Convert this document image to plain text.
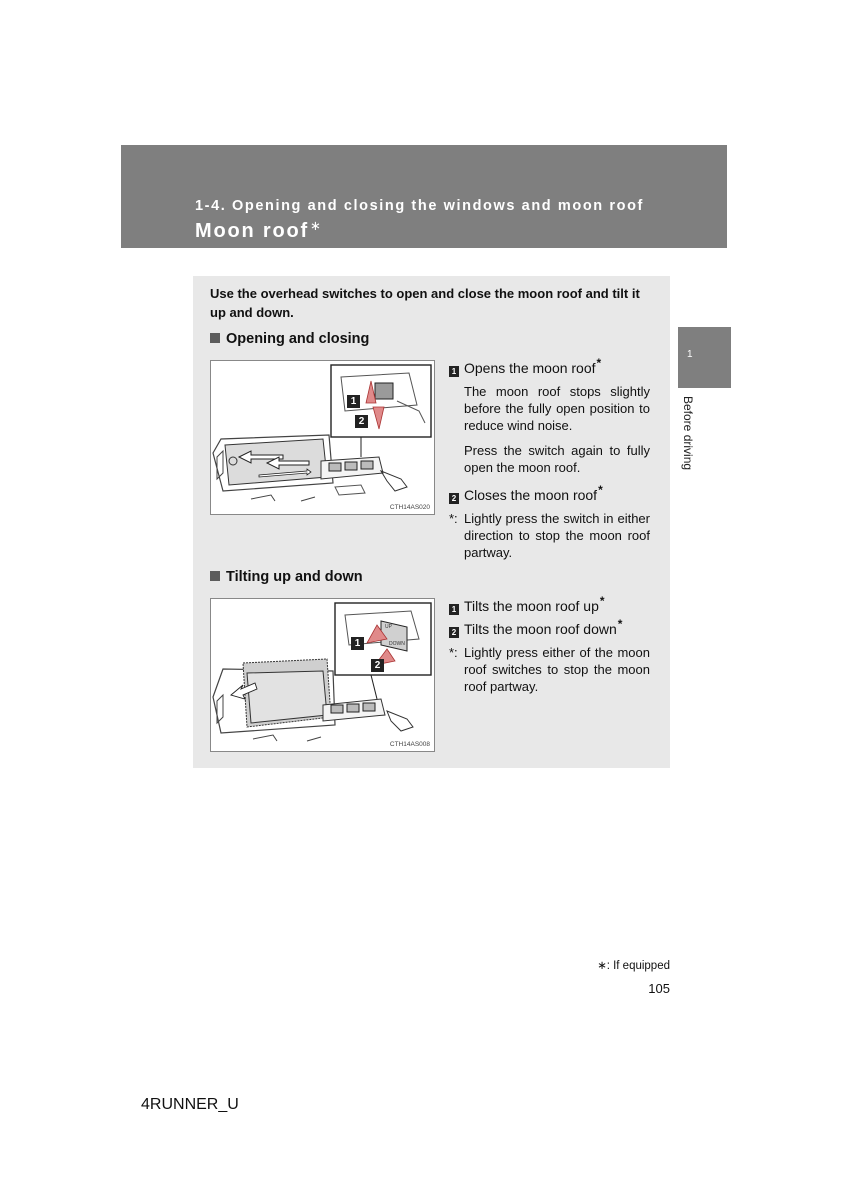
1-4. Opening and closing the windows and moon roof
Moon roof∗
1
Before driving
Use the overhead switches to open and close the moon roof and tilt it up and down.
Opening and closing
1
2
CTH14AS020
1 Opens the moon roof*
The moon roof stops slightly before the fully open position to reduce wind noise.
Press the switch again to fully open the moon roof.
2 Closes the moon roof*
*: Lightly press the switch in either direction to stop the moon roof partway.
Tilting up and down
UP
DOWN
1
2
CTH14AS008
1 Tilts the moon roof up*
2 Tilts the moon roof down*
*: Lightly press either of the moon roof switches to stop the moon roof partway.
∗: If equipped
105
4RUNNER_U
